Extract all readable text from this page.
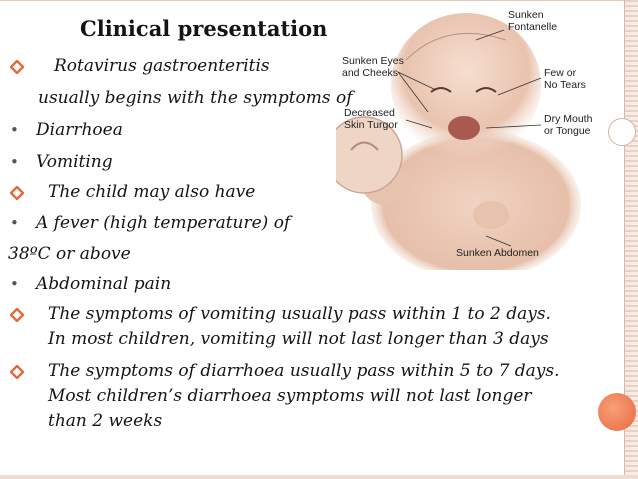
Clinical presentation
Sunken
Fontanelle
Sunken Eyes
and Cheeks	Few or
No Tears
Decreased
Skin Turgor	Dry Mouth
or Tongue
Sunken Abdomen
Rotavirus gastroenteritis
usually begins with the symptoms of
• Diarrhoea
• Vomiting
The child may also have
• A fever (high temperature) of
38ºC or above
• Abdominal pain
The symptoms of vomiting usually pass within 1 to 2 days.
In most children, vomiting will not last longer than 3 days
The symptoms of diarrhoea usually pass within 5 to 7 days.
Most children’s diarrhoea symptoms will not last longer
than 2 weeks
